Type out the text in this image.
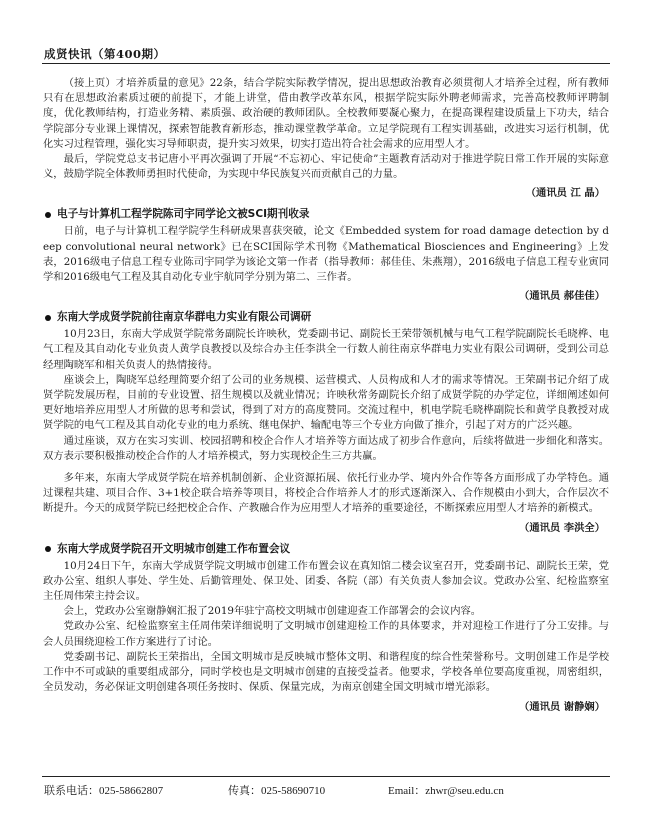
成贤快讯（第400期）

（接上页）才培养质量的意见》22条，结合学院实际教学情况，提出思想政治教育必须贯彻人才培养全过程，所有教师只有在思想政治素质过硬的前提下，才能上讲堂，借由教学改革东风，根据学院实际外聘老师需求，完善高校教师评聘制度，优化教师结构，打造业务精、素质强、政治硬的教师团队。全校教师要凝心聚力，在提高课程建设质量上下功夫，结合学院部分专业课上课情况，探索智能教育新形态，推动课堂教学革命。立足学院现有工程实训基础，改进实习运行机制，优化实习过程管理，强化实习导师职责，提升实习效果，切实打造出符合社会需求的应用型人才。

最后，学院党总支书记唐小平再次强调了开展“不忘初心、牢记使命”主题教育活动对于推进学院日常工作开展的实际意义，鼓励学院全体教师勇担时代使命，为实现中华民族复兴而贡献自己的力量。

（通讯员 江 晶）
电子与计算机工程学院陈司宇同学论文被SCI期刊收录

日前，电子与计算机工程学院学生科研成果喜获突破，论文《Embedded system for road damage detection by deep convolutional neural network》已在SCI国际学术刊物《Mathematical Biosciences and Engineering》上发表，2016级电子信息工程专业陈司宇同学为该论文第一作者（指导教师：郝佳佳、朱燕翔），2016级电子信息工程专业寅同学和2016级电气工程及其自动化专业宇航同学分别为第二、三作者。

（通讯员 郝佳佳）
东南大学成贤学院前往南京华群电力实业有限公司调研

10月23日，东南大学成贤学院常务副院长许映秋，党委副书记、副院长王荣带领机械与电气工程学院副院长毛晓桦、电气工程及其自动化专业负责人黄学良教授以及综合办主任李洪全一行数人前往南京华群电力实业有限公司调研，受到公司总经理陶晓军和相关负责人的热情接待。

座谈会上，陶晓军总经理简要介绍了公司的业务规模、运营模式、人员构成和人才的需求等情况。王荣副书记介绍了成贤学院发展历程，目前的专业设置、招生规模以及就业情况；许映秋常务副院长介绍了成贤学院的办学定位，详细阐述如何更好地培养应用型人才所做的思考和尝试，得到了对方的高度赞同。交流过程中，机电学院毛晓桦副院长和黄学良教授对成贤学院的电气工程及其自动化专业的电力系统、继电保护、输配电等三个专业方向做了推介，引起了对方的广泛兴趣。

通过座谈，双方在实习实训、校园招聘和校企合作人才培养等方面达成了初步合作意向，后续将做进一步细化和落实。双方表示要积极推动校企合作的人才培养模式，努力实现校企生三方共赢。

多年来，东南大学成贤学院在培养机制创新、企业资源拓展、依托行业办学、境内外合作等各方面形成了办学特色。通过课程共建、项目合作、3+1校企联合培养等项目，将校企合作培养人才的形式逐渐深入、合作规模由小到大，合作层次不断提升。今天的成贤学院已经把校企合作、产教融合作为应用型人才培养的重要途径，不断探索应用型人才培养的新模式。

（通讯员 李洪全）
东南大学成贤学院召开文明城市创建工作布置会议

10月24日下午，东南大学成贤学院文明城市创建工作布置会议在真知馆二楼会议室召开，党委副书记、副院长王荣，党政办公室、组织人事处、学生处、后勤管理处、保卫处、团委、各院（部）有关负责人参加会议。党政办公室、纪检监察室主任周伟荣主持会议。

会上，党政办公室谢静娴汇报了2019年驻宁高校文明城市创建迎查工作部署会的会议内容。

党政办公室、纪检监察室主任周伟荣详细说明了文明城市创建迎检工作的具体要求，并对迎检工作进行了分工安排。与会人员围绕迎检工作方案进行了讨论。

党委副书记、副院长王荣指出，全国文明城市是反映城市整体文明、和谐程度的综合性荣誉称号。文明创建工作是学校工作中不可或缺的重要组成部分，同时学校也是文明城市创建的直接受益者。他要求，学校各单位要高度重视，周密组织，全员发动，务必保证文明创建各项任务按时、保质、保量完成，为南京创建全国文明城市增光添彩。

（通讯员 谢静娴）
联系电话：025-58662807	传真：025-58690710	Email：zhwr@seu.edu.cn
